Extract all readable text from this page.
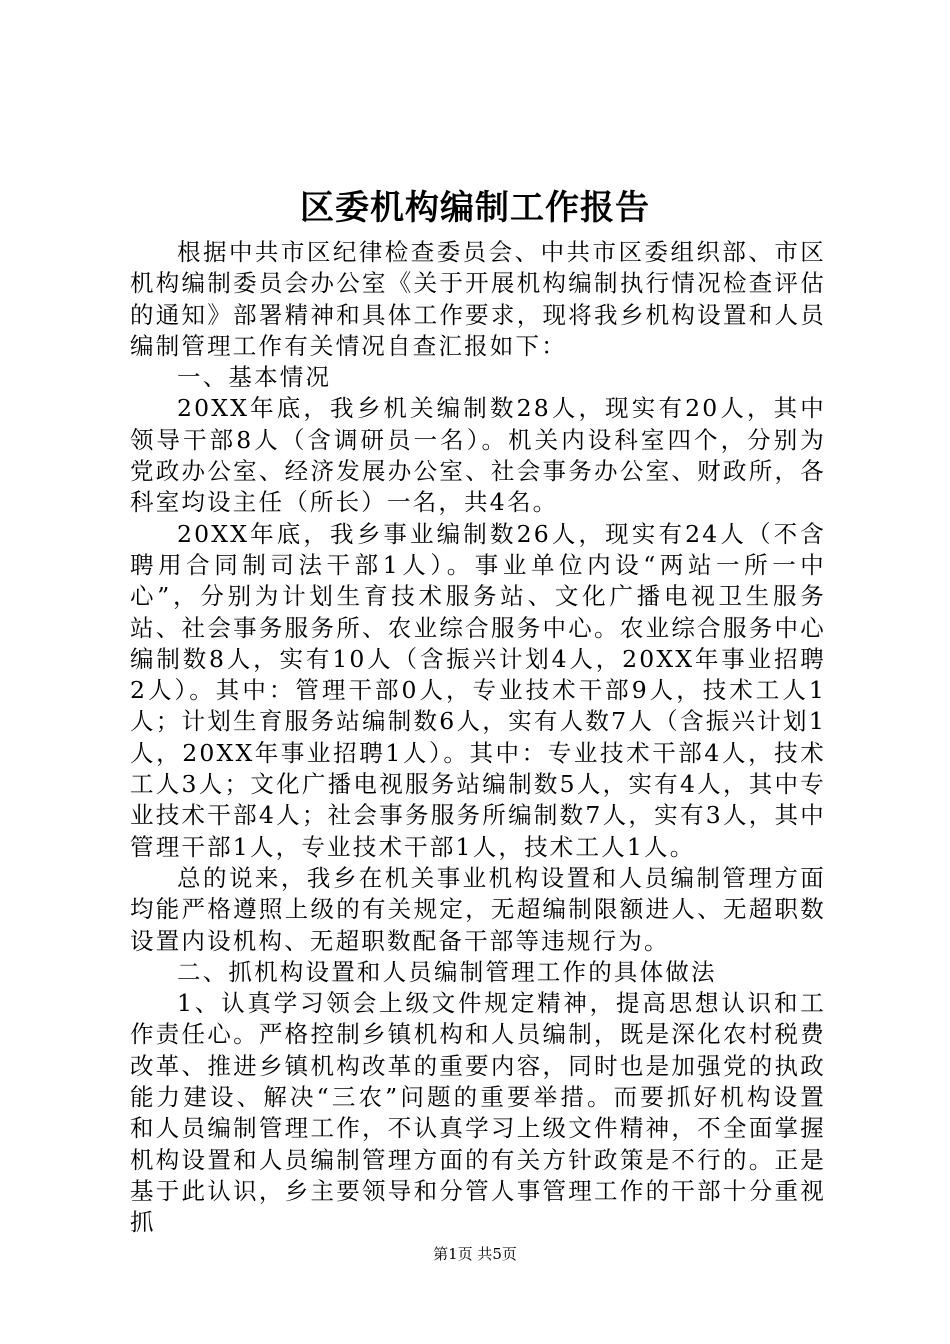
区委机构编制工作报告

根据中共市区纪律检查委员会、中共市区委组织部、市区机构编制委员会办公室《关于开展机构编制执行情况检查评估的通知》部署精神和具体工作要求，现将我乡机构设置和人员编制管理工作有关情况自查汇报如下：

一、基本情况

20XX年底，我乡机关编制数28人，现实有20人，其中领导干部8人（含调研员一名）。机关内设科室四个，分别为党政办公室、经济发展办公室、社会事务办公室、财政所，各科室均设主任（所长）一名，共4名。

20XX年底，我乡事业编制数26人，现实有24人（不含聘用合同制司法干部1人）。事业单位内设“两站一所一中心”，分别为计划生育技术服务站、文化广播电视卫生服务站、社会事务服务所、农业综合服务中心。农业综合服务中心编制数8人，实有10人（含振兴计划4人，20XX年事业招聘2人）。其中：管理干部0人，专业技术干部9人，技术工人1人；计划生育服务站编制数6人，实有人数7人（含振兴计划1人，20XX年事业招聘1人）。其中：专业技术干部4人，技术工人3人；文化广播电视服务站编制数5人，实有4人，其中专业技术干部4人；社会事务服务所编制数7人，实有3人，其中管理干部1人，专业技术干部1人，技术工人1人。

总的说来，我乡在机关事业机构设置和人员编制管理方面均能严格遵照上级的有关规定，无超编制限额进人、无超职数设置内设机构、无超职数配备干部等违规行为。

二、抓机构设置和人员编制管理工作的具体做法

1、认真学习领会上级文件规定精神，提高思想认识和工作责任心。严格控制乡镇机构和人员编制，既是深化农村税费改革、推进乡镇机构改革的重要内容，同时也是加强党的执政能力建设、解决“三农”问题的重要举措。而要抓好机构设置和人员编制管理工作，不认真学习上级文件精神，不全面掌握机构设置和人员编制管理方面的有关方针政策是不行的。正是基于此认识，乡主要领导和分管人事管理工作的干部十分重视抓

第1页 共5页
